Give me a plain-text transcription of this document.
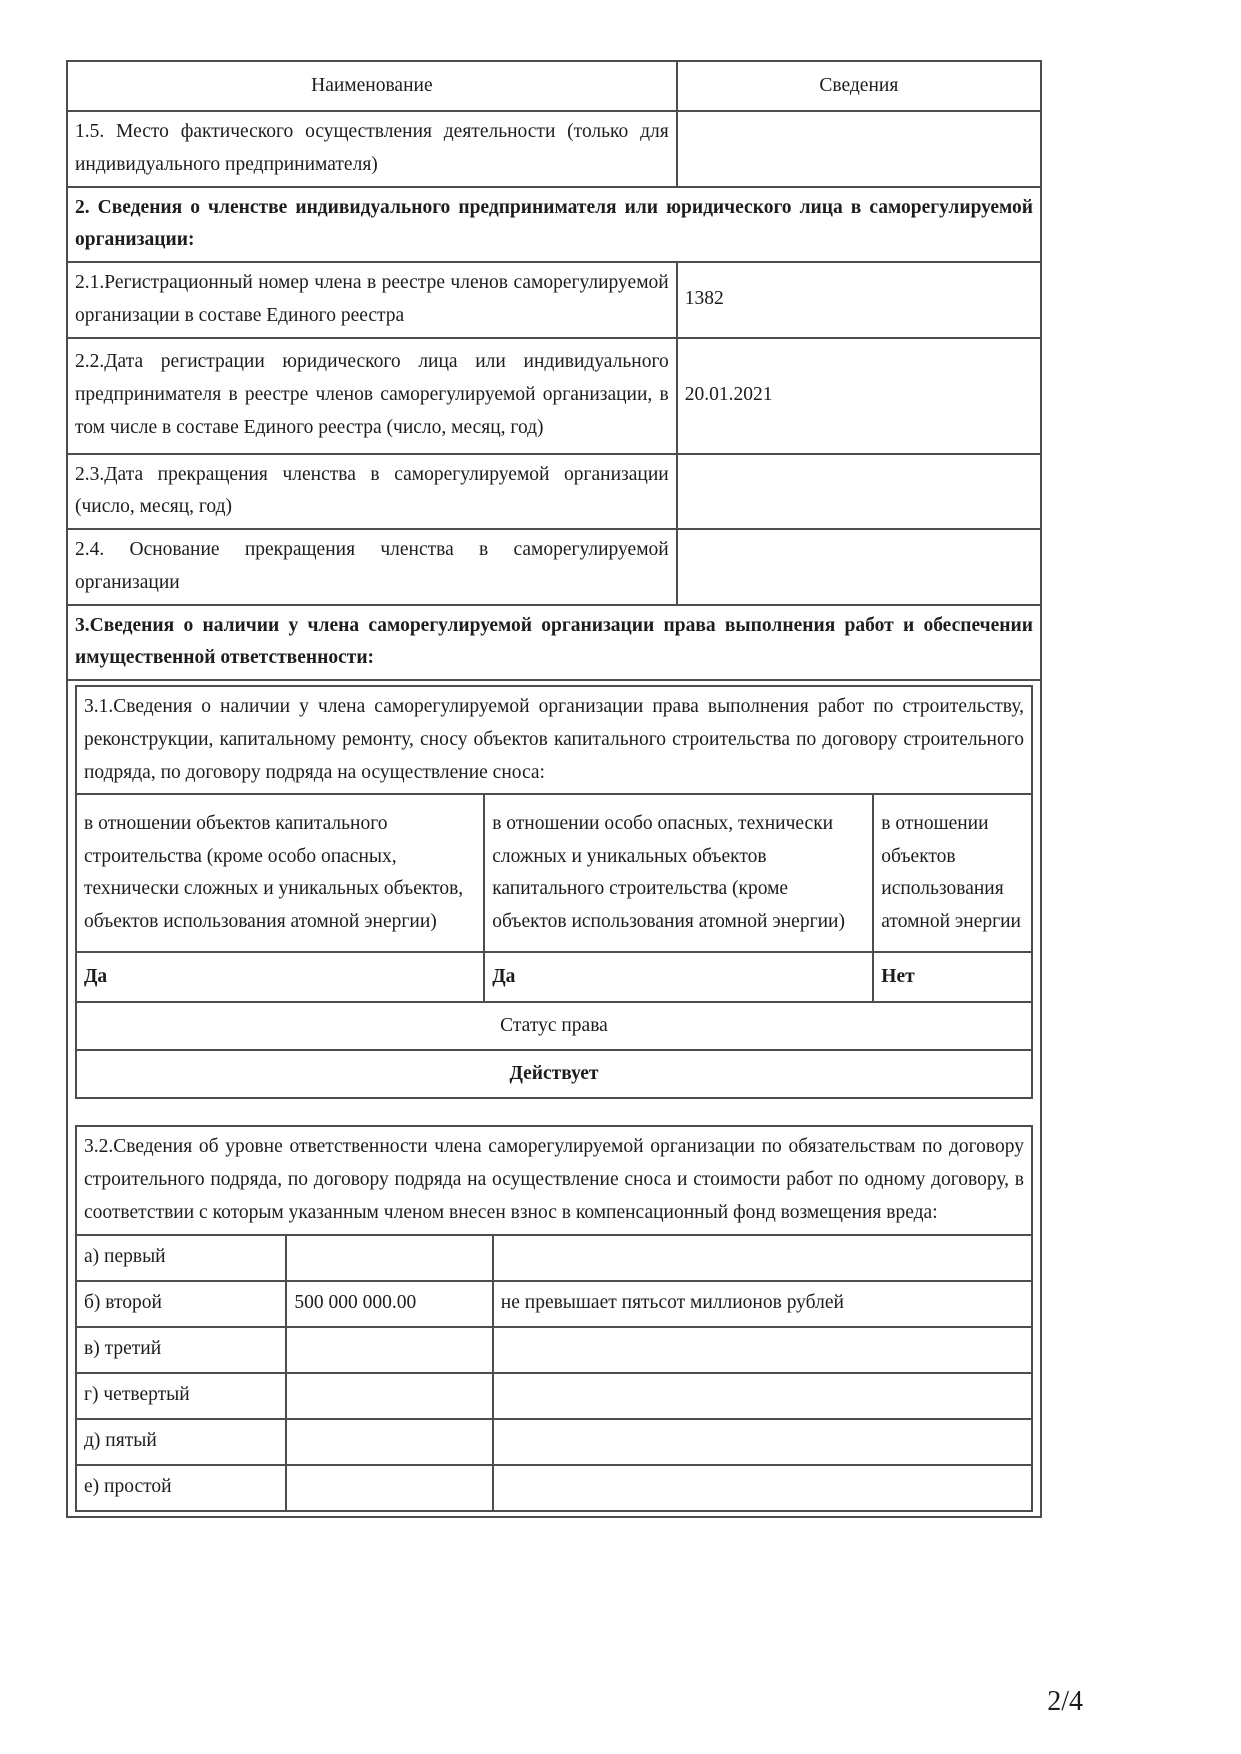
Наименование	Сведения
1.5. Место фактического осуществления деятельности (только для индивидуального предпринимателя)	
2. Сведения о членстве индивидуального предпринимателя или юридического лица в саморегулируемой организации:
2.1.Регистрационный номер члена в реестре членов саморегулируемой организации в составе Единого реестра	1382
2.2.Дата регистрации юридического лица или индивидуального предпринимателя в реестре членов саморегулируемой организации, в том числе в составе Единого реестра (число, месяц, год)	20.01.2021
2.3.Дата прекращения членства в саморегулируемой организации (число, месяц, год)	
2.4. Основание прекращения членства в саморегулируемой организации	
3.Сведения о наличии у члена саморегулируемой организации права выполнения работ и обеспечении имущественной ответственности:

3.1.Сведения о наличии у члена саморегулируемой организации права выполнения работ по строительству, реконструкции, капитальному ремонту, сносу объектов капитального строительства по договору строительного подряда, по договору подряда на осуществление сноса:
в отношении объектов капитального строительства (кроме особо опасных, технически сложных и уникальных объектов, объектов использования атомной энергии)	в отношении особо опасных, технически сложных и уникальных объектов капитального строительства (кроме объектов использования атомной энергии)	в отношении объектов использования атомной энергии
Да	Да	Нет
Статус права
Действует
3.2.Сведения об уровне ответственности члена саморегулируемой организации по обязательствам по договору строительного подряда, по договору подряда на осуществление сноса и стоимости работ по одному договору, в соответствии с которым указанным членом внесен взнос в компенсационный фонд возмещения вреда:
а) первый		
б) второй	500 000 000.00	не превышает пятьсот миллионов рублей
в) третий		
г) четвертый		
д) пятый		
е) простой		
2/4
